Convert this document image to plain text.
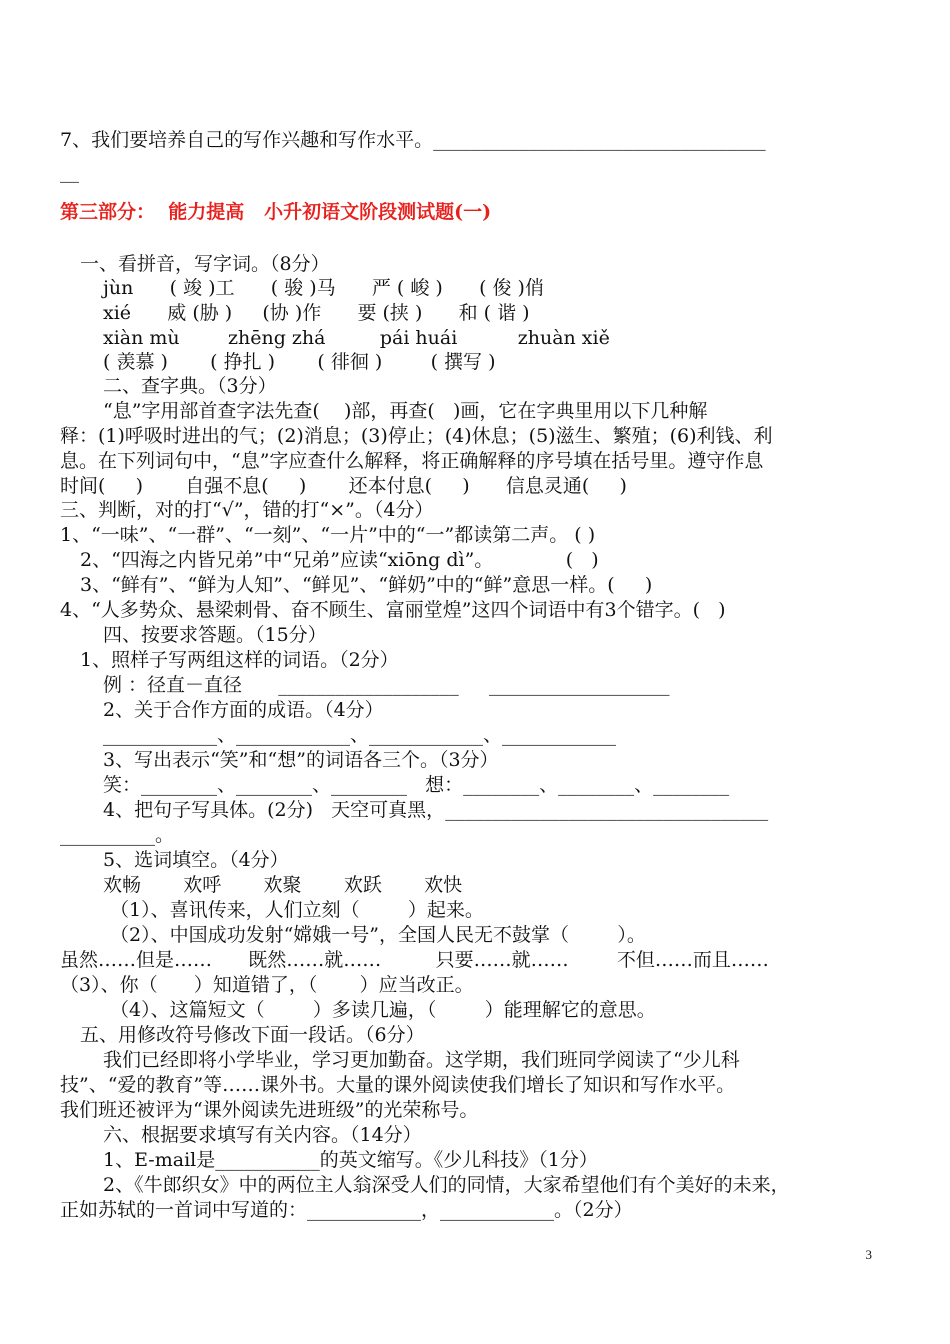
7、我们要培养自己的写作兴趣和写作水平。___________________________________
__
第三部分：  能力提高   小升初语文阶段测试题(一)
一、看拼音，写字词。（8分）
jùn      ( 竣 )工      ( 骏 )马      严 ( 峻 )      ( 俊 )俏
xié      威 (胁 )     (协 )作      要 (挟 )      和 ( 谐 )
xiàn mù        zhēng zhá         pái huái          zhuàn xiě
( 羡慕 )       ( 挣扎 )       ( 徘徊 )        ( 撰写 )
二、查字典。（3分）
“息”字用部首查字法先查(    )部，再查(   )画，它在字典里用以下几种解
释：(1)呼吸时进出的气；(2)消息；(3)停止；(4)休息；(5)滋生、繁殖；(6)利钱、利
息。在下列词句中，“息”字应查什么解释，将正确解释的序号填在括号里。遵守作息
时间(     )       自强不息(     )       还本付息(     )      信息灵通(     )
三、判断，对的打“√”，错的打“×”。（4分）
1、“一味”、“一群”、“一刻”、“一片”中的“一”都读第二声。 ( )
2、“四海之内皆兄弟”中“兄弟”应读“xiōng dì”。            (   )
3、“鲜有”、“鲜为人知”、“鲜见”、“鲜奶”中的“鲜”意思一样。(     )
4、“人多势众、悬梁刺骨、奋不顾生、富丽堂煌”这四个词语中有3个错字。(   )
四、按要求答题。（15分）
1、照样子写两组这样的词语。（2分）
例 ：径直－直径      ___________________     ___________________
2、关于合作方面的成语。（4分）
____________、____________、____________、____________
3、写出表示“笑”和“想”的词语各三个。（3分）
笑：________、________、________   想：________、________、________
4、把句子写具体。(2分)   天空可真黑，__________________________________
__________。
5、选词填空。（4分）
欢畅       欢呼       欢聚       欢跃       欢快
（1）、喜讯传来，人们立刻（        ）起来。
（2）、中国成功发射“嫦娥一号”，全国人民无不鼓掌（        ）。
虽然……但是……      既然……就……         只要……就……        不但……而且……
（3）、你（      ）知道错了，（       ）应当改正。
（4）、这篇短文（        ）多读几遍，（        ）能理解它的意思。
五、用修改符号修改下面一段话。（6分）
我们已经即将小学毕业，学习更加勤奋。这学期，我们班同学阅读了“少儿科
技”、“爱的教育”等……课外书。大量的课外阅读使我们增长了知识和写作水平。
我们班还被评为“课外阅读先进班级”的光荣称号。
六、根据要求填写有关内容。（14分）
1、E-mail是___________的英文缩写。《少儿科技》（1分）
2、《牛郎织女》中的两位主人翁深受人们的同情，大家希望他们有个美好的未来，
正如苏轼的一首词中写道的：____________，____________。（2分）
3
